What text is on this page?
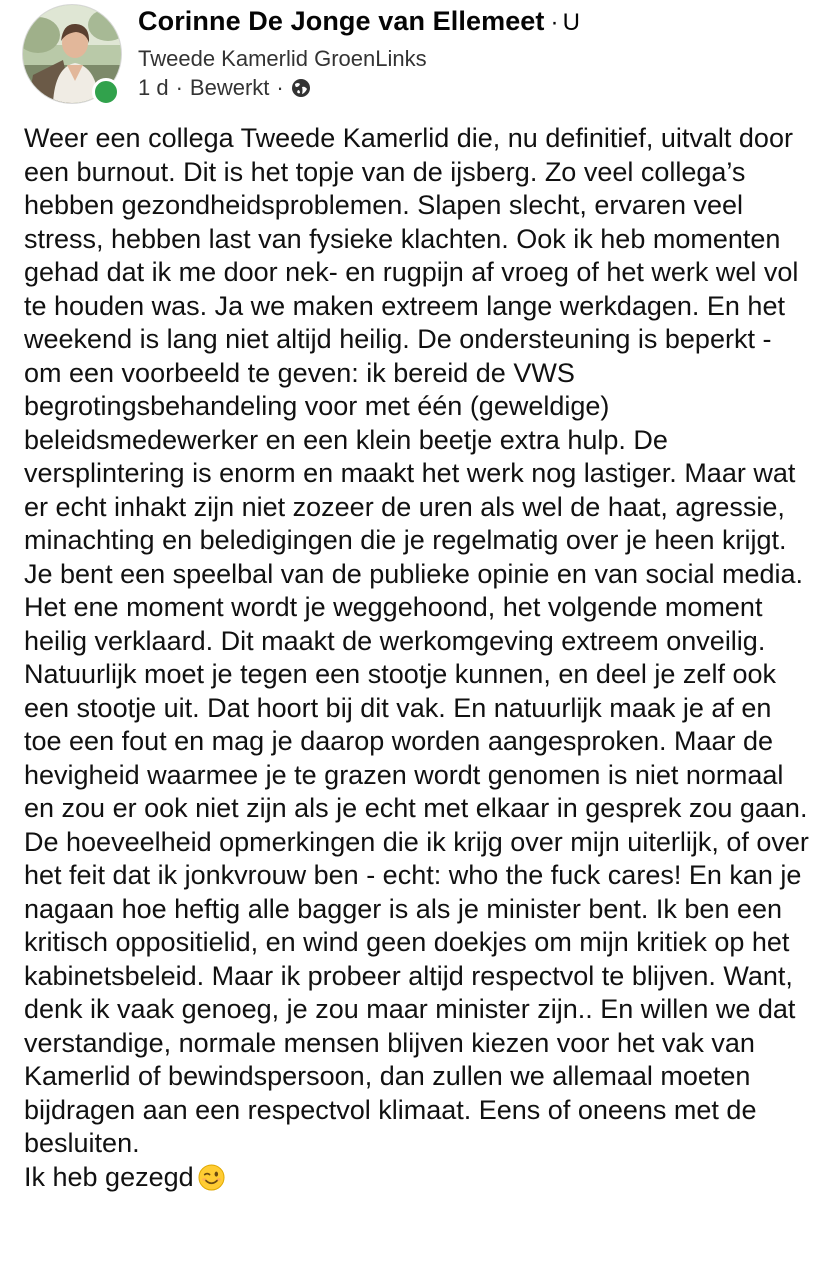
Corinne De Jonge van Ellemeet · U
Tweede Kamerlid GroenLinks
1 d · Bewerkt ·

Weer een collega Tweede Kamerlid die, nu definitief, uitvalt door een burnout. Dit is het topje van de ijsberg. Zo veel collega’s hebben gezondheidsproblemen. Slapen slecht, ervaren veel stress, hebben last van fysieke klachten. Ook ik heb momenten gehad dat ik me door nek- en rugpijn af vroeg of het werk wel vol te houden was. Ja we maken extreem lange werkdagen. En het weekend is lang niet altijd heilig. De ondersteuning is beperkt - om een voorbeeld te geven: ik bereid de VWS begrotingsbehandeling voor met één (geweldige) beleidsmedewerker en een klein beetje extra hulp. De versplintering is enorm en maakt het werk nog lastiger. Maar wat er echt inhakt zijn niet zozeer de uren als wel de haat, agressie, minachting en beledigingen die je regelmatig over je heen krijgt. Je bent een speelbal van de publieke opinie en van social media. Het ene moment wordt je weggehoond, het volgende moment heilig verklaard. Dit maakt de werkomgeving extreem onveilig. Natuurlijk moet je tegen een stootje kunnen, en deel je zelf ook een stootje uit. Dat hoort bij dit vak. En natuurlijk maak je af en toe een fout en mag je daarop worden aangesproken. Maar de hevigheid waarmee je te grazen wordt genomen is niet normaal en zou er ook niet zijn als je echt met elkaar in gesprek zou gaan. De hoeveelheid opmerkingen die ik krijg over mijn uiterlijk, of over het feit dat ik jonkvrouw ben - echt: who the fuck cares! En kan je nagaan hoe heftig alle bagger is als je minister bent. Ik ben een kritisch oppositielid, en wind geen doekjes om mijn kritiek op het kabinetsbeleid. Maar ik probeer altijd respectvol te blijven. Want, denk ik vaak genoeg, je zou maar minister zijn.. En willen we dat verstandige, normale mensen blijven kiezen voor het vak van Kamerlid of bewindspersoon, dan zullen we allemaal moeten bijdragen aan een respectvol klimaat. Eens of oneens met de besluiten.

Ik heb gezegd
